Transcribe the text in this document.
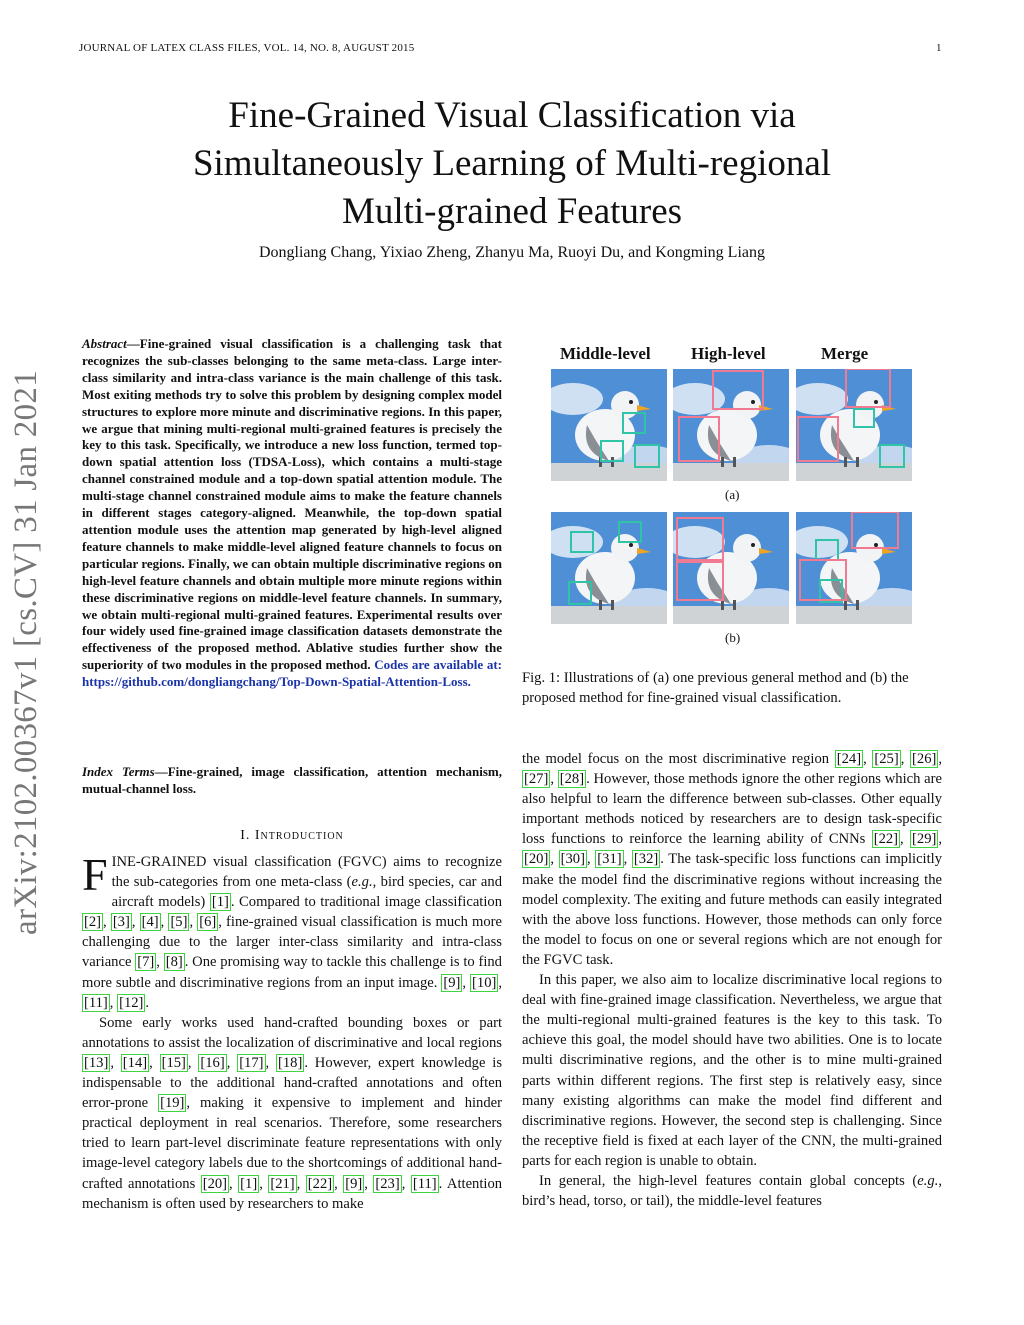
JOURNAL OF LATEX CLASS FILES, VOL. 14, NO. 8, AUGUST 2015	1
Fine-Grained Visual Classification via
Simultaneously Learning of Multi-regional
Multi-grained Features
Dongliang Chang, Yixiao Zheng, Zhanyu Ma, Ruoyi Du, and Kongming Liang
arXiv:2102.00367v1 [cs.CV] 31 Jan 2021
Abstract—Fine-grained visual classification is a challenging task that recognizes the sub-classes belonging to the same meta-class. Large inter-class similarity and intra-class variance is the main challenge of this task. Most exiting methods try to solve this problem by designing complex model structures to explore more minute and discriminative regions. In this paper, we argue that mining multi-regional multi-grained features is precisely the key to this task. Specifically, we introduce a new loss function, termed top-down spatial attention loss (TDSA-Loss), which contains a multi-stage channel constrained module and a top-down spatial attention module. The multi-stage channel constrained module aims to make the feature channels in different stages category-aligned. Meanwhile, the top-down spatial attention module uses the attention map generated by high-level aligned feature channels to make middle-level aligned feature channels to focus on particular regions. Finally, we can obtain multiple discriminative regions on high-level feature channels and obtain multiple more minute regions within these discriminative regions on middle-level feature channels. In summary, we obtain multi-regional multi-grained features. Experimental results over four widely used fine-grained image classification datasets demonstrate the effectiveness of the proposed method. Ablative studies further show the superiority of two modules in the proposed method. Codes are available at: https://github.com/dongliangchang/Top-Down-Spatial-Attention-Loss.
Index Terms—Fine-grained, image classification, attention mechanism, mutual-channel loss.
I. Introduction

FINE-GRAINED visual classification (FGVC) aims to recognize the sub-categories from one meta-class (e.g., bird species, car and aircraft models) [1] . Compared to traditional image classification [2] , [3] , [4] , [5] , [6] , fine-grained visual classification is much more challenging due to the larger inter-class similarity and intra-class variance [7] , [8] . One promising way to tackle this challenge is to find more subtle and discriminative regions from an input image. [9] , [10] , [11] , [12] .

Some early works used hand-crafted bounding boxes or part annotations to assist the localization of discriminative and local regions [13] , [14] , [15] , [16] , [17] , [18] . However, expert knowledge is indispensable to the additional hand-crafted annotations and often error-prone [19] , making it expensive to implement and hinder practical deployment in real scenarios. Therefore, some researchers tried to learn part-level discriminate feature representations with only image-level category labels due to the shortcomings of additional hand-crafted annotations [20] , [1] , [21] , [22] , [9] , [23] , [11] . Attention mechanism is often used by researchers to make

Middle-level High-level	Merge
(a)
(b)
Fig. 1: Illustrations of (a) one previous general method and (b) the proposed method for fine-grained visual classification.

the model focus on the most discriminative region [24] , [25] , [26] , [27] , [28] . However, those methods ignore the other regions which are also helpful to learn the difference between sub-classes. Other equally important methods noticed by researchers are to design task-specific loss functions to reinforce the learning ability of CNNs [22] , [29] , [20] , [30] , [31] , [32] . The task-specific loss functions can implicitly make the model find the discriminative regions without increasing the model complexity. The exiting and future methods can easily integrated with the above loss functions. However, those methods can only force the model to focus on one or several regions which are not enough for the FGVC task.

In this paper, we also aim to localize discriminative local regions to deal with fine-grained image classification. Nevertheless, we argue that the multi-regional multi-grained features is the key to this task. To achieve this goal, the model should have two abilities. One is to locate multi discriminative regions, and the other is to mine multi-grained parts within different regions. The first step is relatively easy, since many existing algorithms can make the model find different and discriminative regions. However, the second step is challenging. Since the receptive field is fixed at each layer of the CNN, the multi-grained parts for each region is unable to obtain.

In general, the high-level features contain global concepts (e.g., bird’s head, torso, or tail), the middle-level features
